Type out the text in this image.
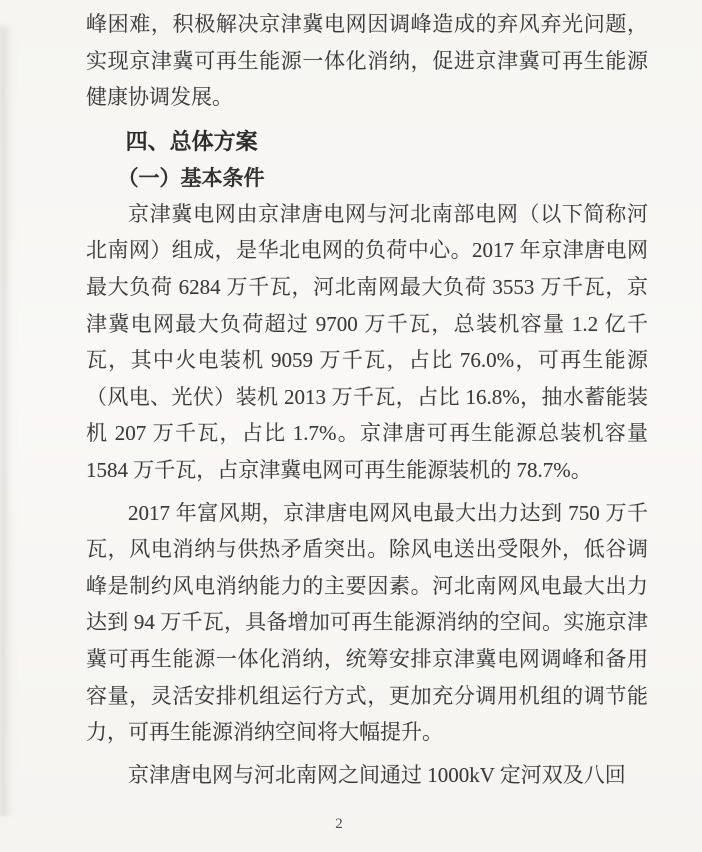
峰困难，积极解决京津冀电网因调峰造成的弃风弃光问题，实现京津冀可再生能源一体化消纳，促进京津冀可再生能源健康协调发展。

四、总体方案
（一）基本条件

京津冀电网由京津唐电网与河北南部电网（以下简称河北南网）组成，是华北电网的负荷中心。2017 年京津唐电网最大负荷 6284 万千瓦，河北南网最大负荷 3553 万千瓦，京津冀电网最大负荷超过 9700 万千瓦，总装机容量 1.2 亿千瓦，其中火电装机 9059 万千瓦，占比 76.0%，可再生能源（风电、光伏）装机 2013 万千瓦，占比 16.8%，抽水蓄能装机 207 万千瓦，占比 1.7%。京津唐可再生能源总装机容量 1584 万千瓦，占京津冀电网可再生能源装机的 78.7%。

2017 年富风期，京津唐电网风电最大出力达到 750 万千瓦，风电消纳与供热矛盾突出。除风电送出受限外，低谷调峰是制约风电消纳能力的主要因素。河北南网风电最大出力达到 94 万千瓦，具备增加可再生能源消纳的空间。实施京津冀可再生能源一体化消纳，统筹安排京津冀电网调峰和备用容量，灵活安排机组运行方式，更加充分调用机组的调节能力，可再生能源消纳空间将大幅提升。

京津唐电网与河北南网之间通过 1000kV 定河双及八回

2
